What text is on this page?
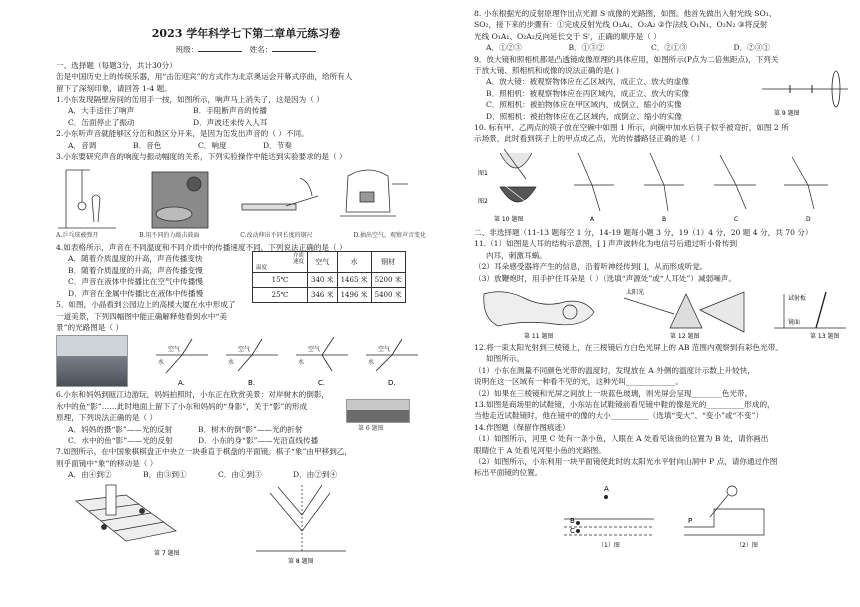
2023 学年科学七下第二章单元练习卷
班级：	姓名：
一、选择题（每题3分，共计30分）
缶是中国历史上的传统乐器，用“击缶迎宾”的方式作为北京奥运会开幕式序曲，给所有人
留下了深刻印象，请回答 1-4 题。
1.小东发现隔壁房间的缶用手一按，如图所示，响声马上消失了，这是因为（ ）
A．大手送住了响声	B．手阻断声音的传播
C．缶面停止了振动	D．声波还未传入人耳
2.小东听声音就能够区分缶和鼓区分开来，是因为缶发出声音的（ ）不同。
A．音调	B．音色	C．响度	D．节奏
3.小东要研究声音的响度与振动幅度的关系，下列实验操作中能达到实验要求的是（ ）
A.乒乓球被弹开	B.用不同的力敲击鼓面	C.改动伸出不同长度的钢尺	D.抽出空气，观察声音变化
4.如表格所示，声音在不同温度和不同介质中的传播速度不同，下列说法正确的是（ ）
A．随着介质温度的升高，声音传播变快
B．随着介质温度的升高，声音传播变慢
C．声音在液体中传播比在空气中传播慢
D．声音在金属中传播比在液体中传播慢
介质
速度

温度	空气	水	钢材
15℃	340 米	1465 米	5200 米
25℃	346 米	1496 米	5400 米
5．如图，小晶看到公园边上的高楼大厦在水中形成了
一道美景，下列四幅图中能正确解释他看到水中“美
景”的光路图是（ ）
空气
水
空气
水
空气
水
空气
水
A.	B.	C.	D.
6.小东和妈妈到瓯江边游玩，妈妈拍照时，小东正在欣赏美景：对岸树木的倒影，
水中的鱼“影”……此时地面上留下了小东和妈妈的“身影”，关于“影”的形成
原理，下列说法正确的是（ ）
A．妈妈的摄“影”——光的反射	B．树木的倒“影”——光的折射
C．水中的鱼“影”——光的反射	D．小东的身“影”——光沿直线传播
第 6 题图
7.如图所示，在中国象棋棋盘正中央立一块垂直于棋盘的平面镜。棋子“象”由甲移到乙，
则乎面镜中“象”的移动是（ ）
A．由④到②	B．由③到①	C．由①到③	D．由②到④
第 7 题图
第 8 题图
8. 小东根据光的反射原理作出点光源 S 成像的光路图，如图。他首先做出入射光线 SO₁、
SO₂，接下来的步骤有：①完成反射光线 O₁A₁、O₂A₂ ②作法线 O₁N₁、O₂N₂ ③将反射
光线 O₁A₁、O₂A₂反向延长交于 S'，正确的顺序是（ ）
A．①②③	B．①③②	C．②①③	D．②③①
9．放大镜和照相机都是凸透镜成像原理的具体应用，如图所示(P点为二倍焦距点)，下列关
于放大镜、照相机和成像的说法正确的是( )
A．放大镜：被观察物体应在乙区域内，成正立、放大的虚像
B．照相机：被观察物体应在丙区域内，成正立、放大的实像
C．照相机：被拍物体应在甲区域内，成倒立、缩小的实像
D．照相机：被拍物体应在乙区域内，成倒立、缩小的实像	第 9 题图
10. 标有甲、乙两点的筷子放在空碗中如图 1 所示，向碗中加水后筷子似乎被弯折，如图 2 所
示场景，此时看到筷子上的甲点成乙点，光的传播路径正确的是（ ）
图1
图2
A	B	C	D
第 10 题图
二、非选择题（11-13 题每空 1 分，14-19 题每小题 3 分，19（1）4 分，20 题 4 分，共 70 分）
11.（1）如图是人耳的结构示意图，[ ] 声声波转化为电信号后通过听小骨传到
内耳，刺激耳蜗。
（2）耳朵感受器将产生的信息，沿着听神经传到[ ]，从而形成听觉。
（3）放鞭炮时，用手护住耳朵是（ ）（选填“声源处”或“人耳处”）减弱噪声。
第 11 题图
太阳光
第 12 题图
试射板
镜面
第 13 题图
12.将一束太阳光射到三棱镜上，在三棱镜后方白色光屏上的 AB 范围内观察到有彩色光带。
如图所示。
（1）小东在测量不同颜色光带的温度时，发现放在 A 外侧的温度计示数上升较快，
说明在这一区域有一种看不见的光，这种光叫_____________。
（2）如果在三棱镜和光屏之间放上一块蓝色玻璃，则光屏会呈现________色光带。
13.如图是商场里的试鞋镜，小东站在试鞋镜前看见镜中鞋的像是光的__________形成的，
当他走近试鞋镜时，他在镜中的像的大小__________（选填“变大”、“变小”或“不变”）
14.作图题（保留作图痕迹）
（1）如图所示，河里 C 处有一条小鱼，人眼在 A 处看见该鱼的位置为 B 处，请你画出
眼睛位于 A 处看见河里小鱼的光路图。
（2）如图所示，小东利用一块平面镜使此时的太阳光水平射向山洞中 P 点，请你通过作图
标出平面镜的位置。
A
B
C
（1）图
P
（2）图
